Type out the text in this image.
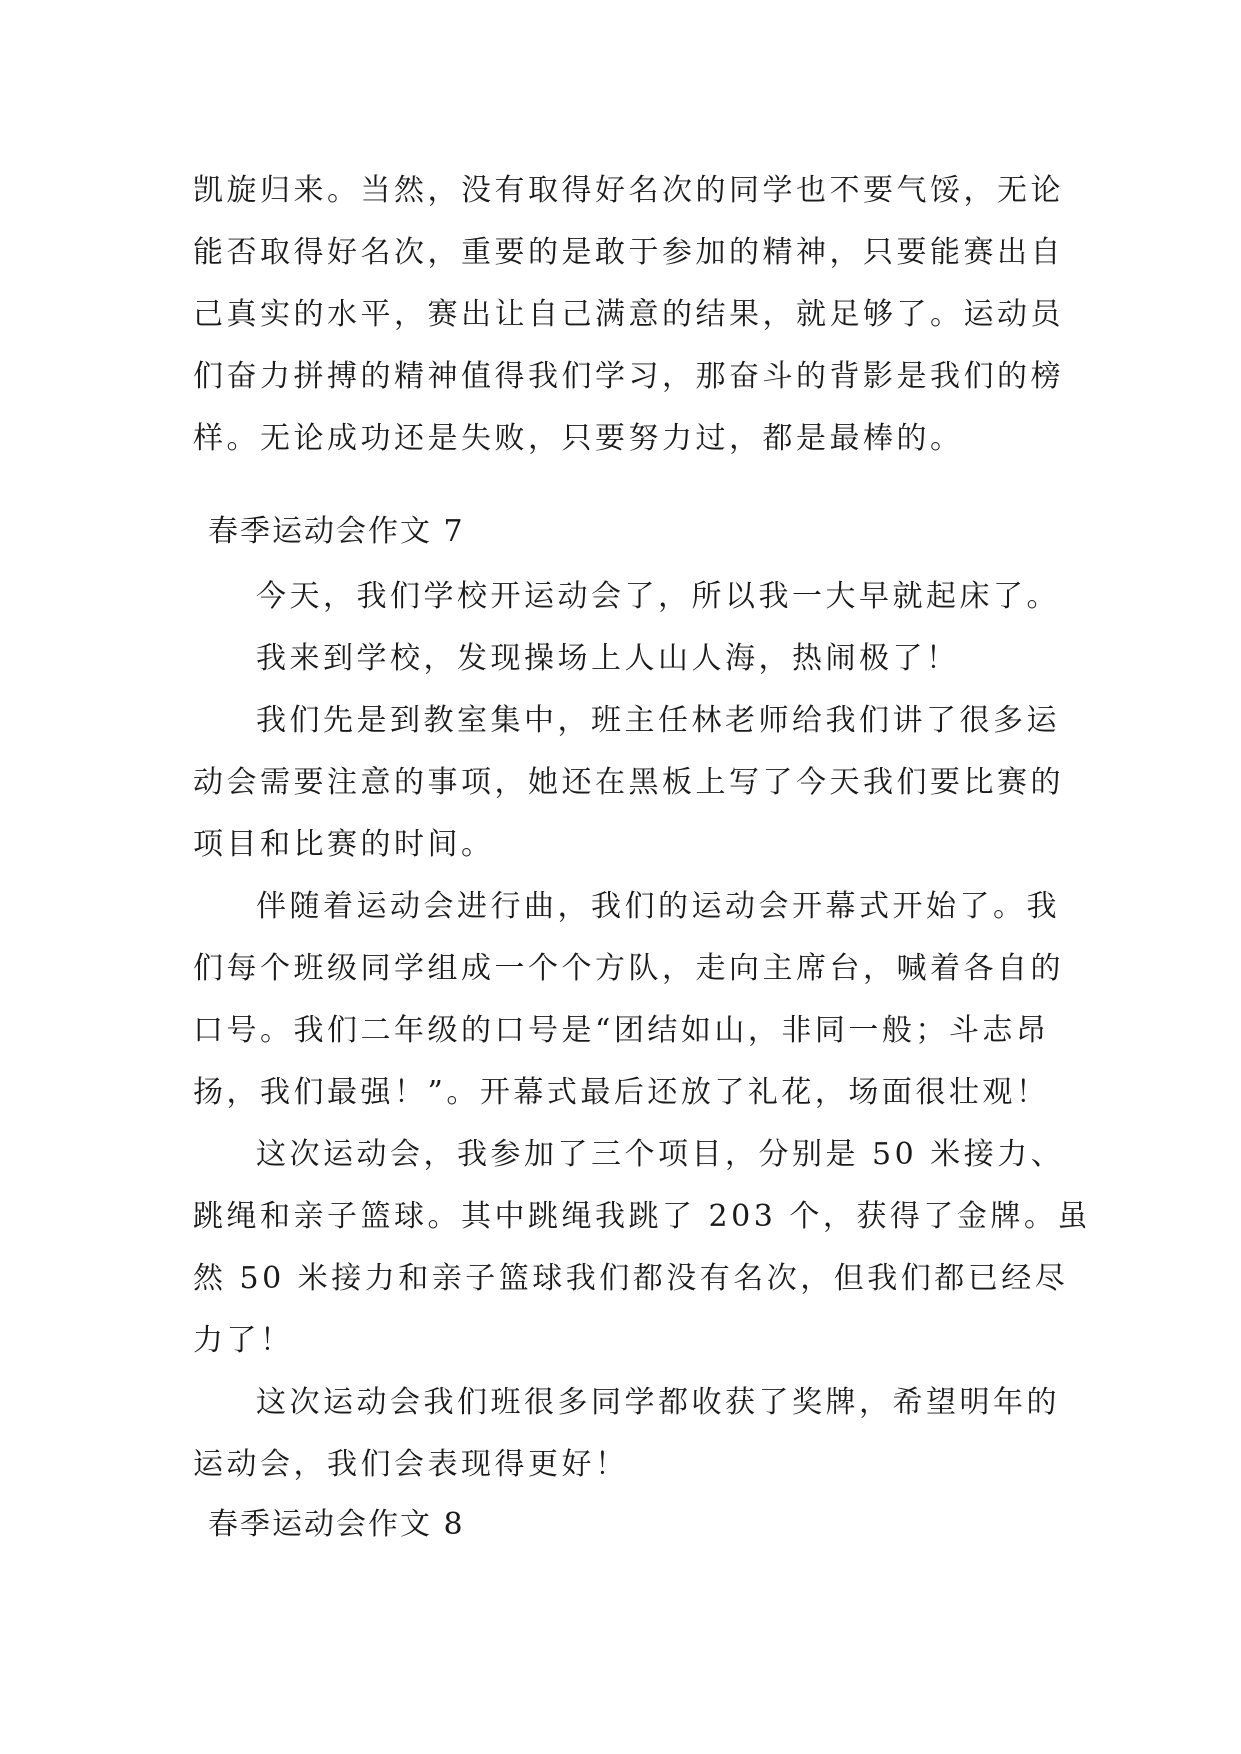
凯旋归来。当然，没有取得好名次的同学也不要气馁，无论
能否取得好名次，重要的是敢于参加的精神，只要能赛出自
己真实的水平，赛出让自己满意的结果，就足够了。运动员
们奋力拼搏的精神值得我们学习，那奋斗的背影是我们的榜
样。无论成功还是失败，只要努力过，都是最棒的。
春季运动会作文 7
今天，我们学校开运动会了，所以我一大早就起床了。
我来到学校，发现操场上人山人海，热闹极了！
我们先是到教室集中，班主任林老师给我们讲了很多运
动会需要注意的事项，她还在黑板上写了今天我们要比赛的
项目和比赛的时间。
伴随着运动会进行曲，我们的运动会开幕式开始了。我
们每个班级同学组成一个个方队，走向主席台，喊着各自的
口号。我们二年级的口号是“团结如山，非同一般；斗志昂
扬，我们最强！”。开幕式最后还放了礼花，场面很壮观！
这次运动会，我参加了三个项目，分别是 50 米接力、
跳绳和亲子篮球。其中跳绳我跳了 203 个，获得了金牌。虽
然 50 米接力和亲子篮球我们都没有名次，但我们都已经尽
力了！
这次运动会我们班很多同学都收获了奖牌，希望明年的
运动会，我们会表现得更好！
春季运动会作文 8
